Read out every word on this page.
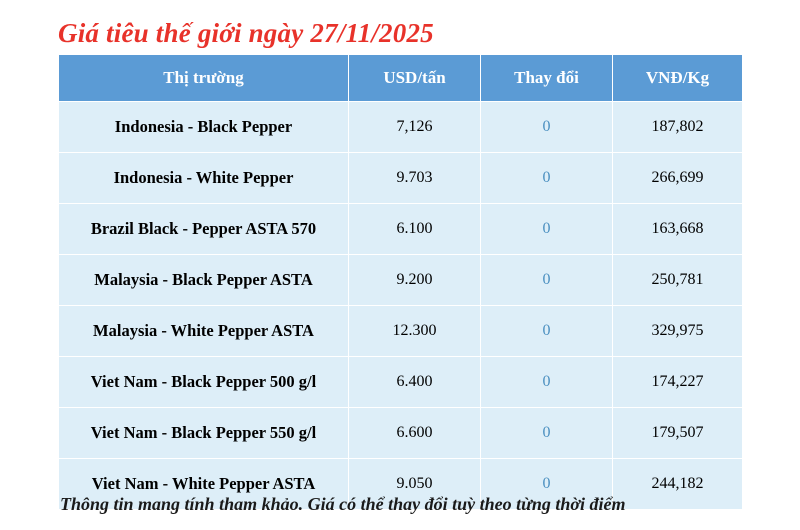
Giá tiêu thế giới ngày 27/11/2025
Thị trường	USD/tấn	Thay đổi	VNĐ/Kg
Indonesia - Black Pepper	7,126	0	187,802
Indonesia - White Pepper	9.703	0	266,699
Brazil Black - Pepper ASTA 570	6.100	0	163,668
Malaysia - Black Pepper ASTA	9.200	0	250,781
Malaysia - White Pepper ASTA	12.300	0	329,975
Viet Nam - Black Pepper 500 g/l	6.400	0	174,227
Viet Nam - Black Pepper 550 g/l	6.600	0	179,507
Viet Nam - White Pepper ASTA	9.050	0	244,182
Thông tin mang tính tham khảo. Giá có thể thay đổi tuỳ theo từng thời điểm
